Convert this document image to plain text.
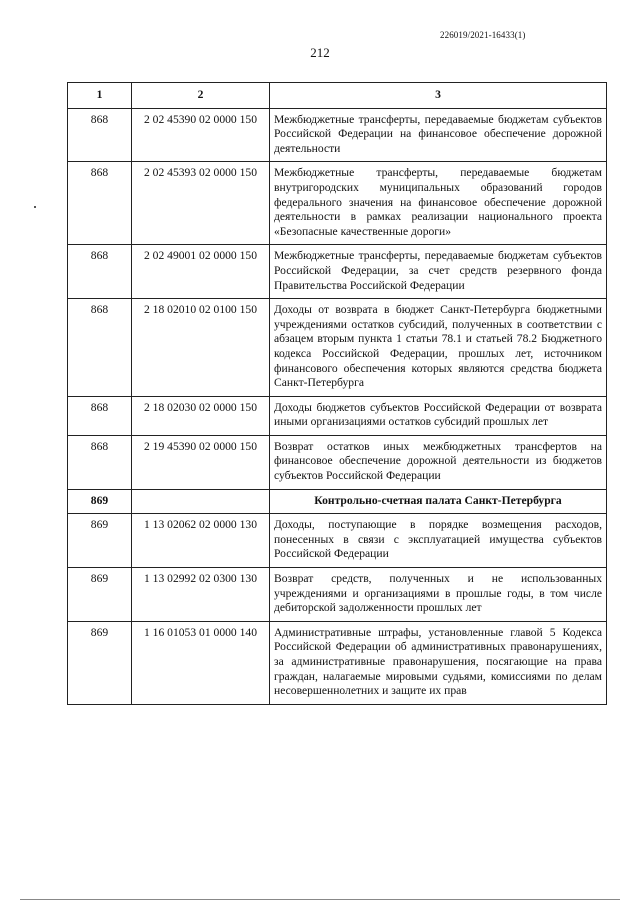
226019/2021-16433(1)
212
1	2	3
868	2 02 45390 02 0000 150	Межбюджетные трансферты, передаваемые бюджетам субъектов Российской Федерации на финансовое обеспечение дорожной деятельности
868	2 02 45393 02 0000 150	Межбюджетные трансферты, передаваемые бюджетам внутригородских муниципальных образований городов федерального значения на финансовое обеспечение дорожной деятельности в рамках реализации национального проекта «Безопасные качественные дороги»
868	2 02 49001 02 0000 150	Межбюджетные трансферты, передаваемые бюджетам субъектов Российской Федерации, за счет средств резервного фонда Правительства Российской Федерации
868	2 18 02010 02 0100 150	Доходы от возврата в бюджет Санкт-Петербурга бюджетными учреждениями остатков субсидий, полученных в соответствии с абзацем вторым пункта 1 статьи 78.1 и статьей 78.2 Бюджетного кодекса Российской Федерации, прошлых лет, источником финансового обеспечения которых являются средства бюджета Санкт-Петербурга
868	2 18 02030 02 0000 150	Доходы бюджетов субъектов Российской Федерации от возврата иными организациями остатков субсидий прошлых лет
868	2 19 45390 02 0000 150	Возврат остатков иных межбюджетных трансфертов на финансовое обеспечение дорожной деятельности из бюджетов субъектов Российской Федерации
869		Контрольно-счетная палата Санкт-Петербурга
869	1 13 02062 02 0000 130	Доходы, поступающие в порядке возмещения расходов, понесенных в связи с эксплуатацией имущества субъектов Российской Федерации
869	1 13 02992 02 0300 130	Возврат средств, полученных и не использованных учреждениями и организациями в прошлые годы, в том числе дебиторской задолженности прошлых лет
869	1 16 01053 01 0000 140	Административные штрафы, установленные главой 5 Кодекса Российской Федерации об административных правонарушениях, за административные правонарушения, посягающие на права граждан, налагаемые мировыми судьями, комиссиями по делам несовершеннолетних и защите их прав
